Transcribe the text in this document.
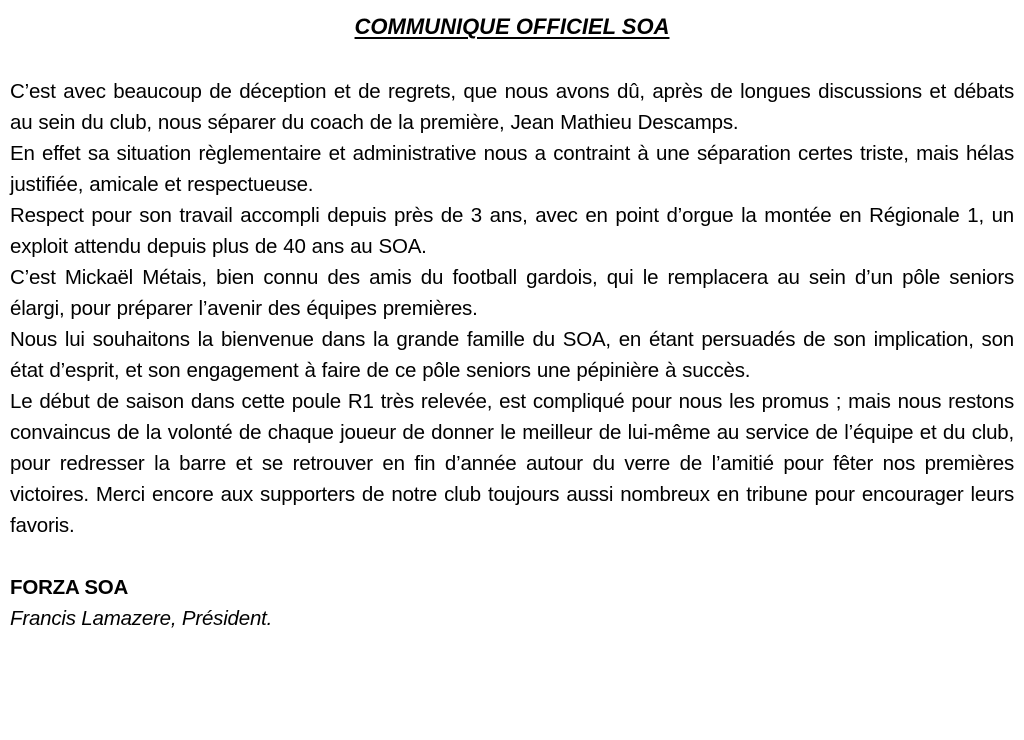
COMMUNIQUE OFFICIEL SOA

C’est avec beaucoup de déception et de regrets, que nous avons dû, après de longues discussions et débats au sein du club, nous séparer du coach de la première, Jean Mathieu Descamps.

En effet sa situation règlementaire et administrative nous a contraint à une séparation certes triste, mais hélas justifiée, amicale et respectueuse.

Respect pour son travail accompli depuis près de 3 ans, avec en point d’orgue la montée en Régionale 1, un exploit attendu depuis plus de 40 ans au SOA.

C’est Mickaël Métais, bien connu des amis du football gardois, qui le remplacera au sein d’un pôle seniors élargi, pour préparer l’avenir des équipes premières.

Nous lui souhaitons la bienvenue dans la grande famille du SOA, en étant persuadés de son implication, son état d’esprit, et son engagement à faire de ce pôle seniors une pépinière à succès.

Le début de saison dans cette poule R1 très relevée, est compliqué pour nous les promus ; mais nous restons convaincus de la volonté de chaque joueur de donner le meilleur de lui-même au service de l’équipe et du club, pour redresser la barre et se retrouver en fin d’année autour du verre de l’amitié pour fêter nos premières victoires. Merci encore aux supporters de notre club toujours aussi nombreux en tribune pour encourager leurs favoris.

FORZA SOA

Francis Lamazere, Président.
